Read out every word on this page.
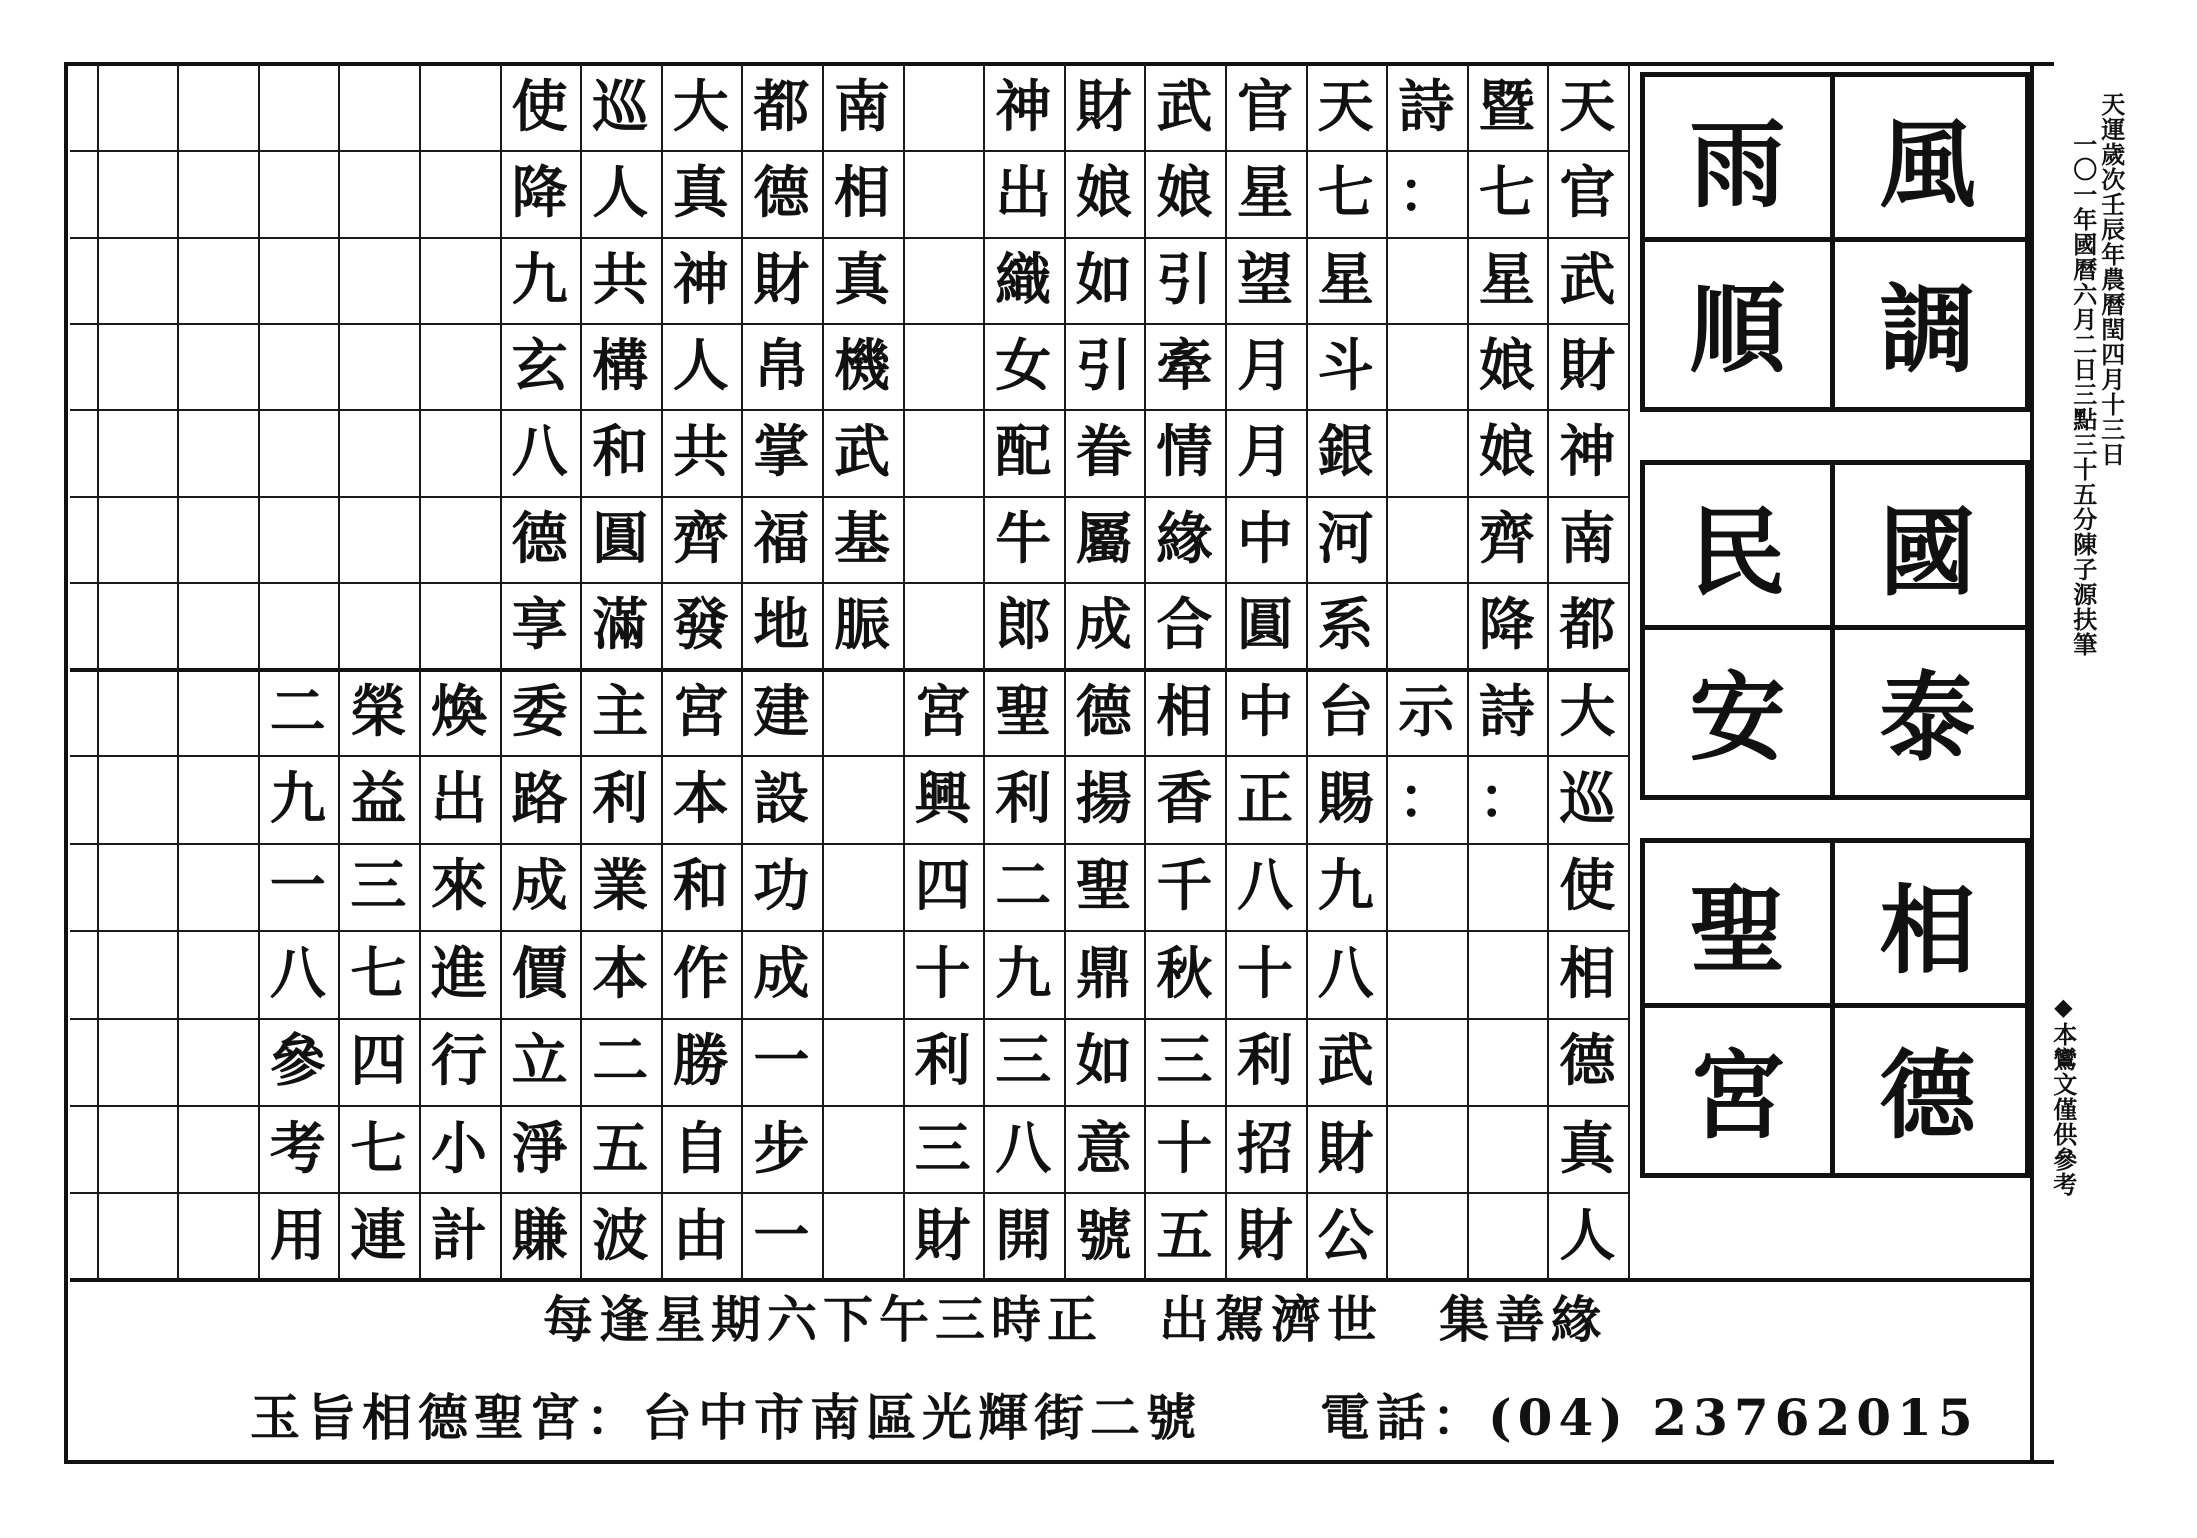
天
官
武
財
神
南
都
暨
七
星
娘
娘
齊
降
詩
：
天
七
星
斗
銀
河
系
官
星
望
月
月
中
圓
武
娘
引
牽
情
緣
合
財
娘
如
引
眷
屬
成
神
出
織
女
配
牛
郎
南
相
真
機
武
基
脤
都
德
財
帛
掌
福
地
大
真
神
人
共
齊
發
巡
人
共
構
和
圓
滿
使
降
九
玄
八
德
享
大
巡
使
相
德
真
人
詩
：
示
：
台
賜
九
八
武
財
公
中
正
八
十
利
招
財
相
香
千
秋
三
十
五
德
揚
聖
鼎
如
意
號
聖
利
二
九
三
八
開
宮
興
四
十
利
三
財
建
設
功
成
一
步
一
宮
本
和
作
勝
自
由
主
利
業
本
二
五
波
委
路
成
價
立
淨
賺
煥
出
來
進
行
小
計
榮
益
三
七
四
七
連
二
九
一
八
參
考
用
風
調
雨
順
國
泰
民
安
相
德
聖
宮
天運歲次壬辰年農曆閏四月十三日
一〇一年國曆六月二日三點三十五分陳子源扶筆
◆本鸞文僅供參考
每逢星期六下午三時正　出駕濟世　集善緣
玉旨相德聖宮：台中市南區光輝街二號 電話：(04) 23762015
